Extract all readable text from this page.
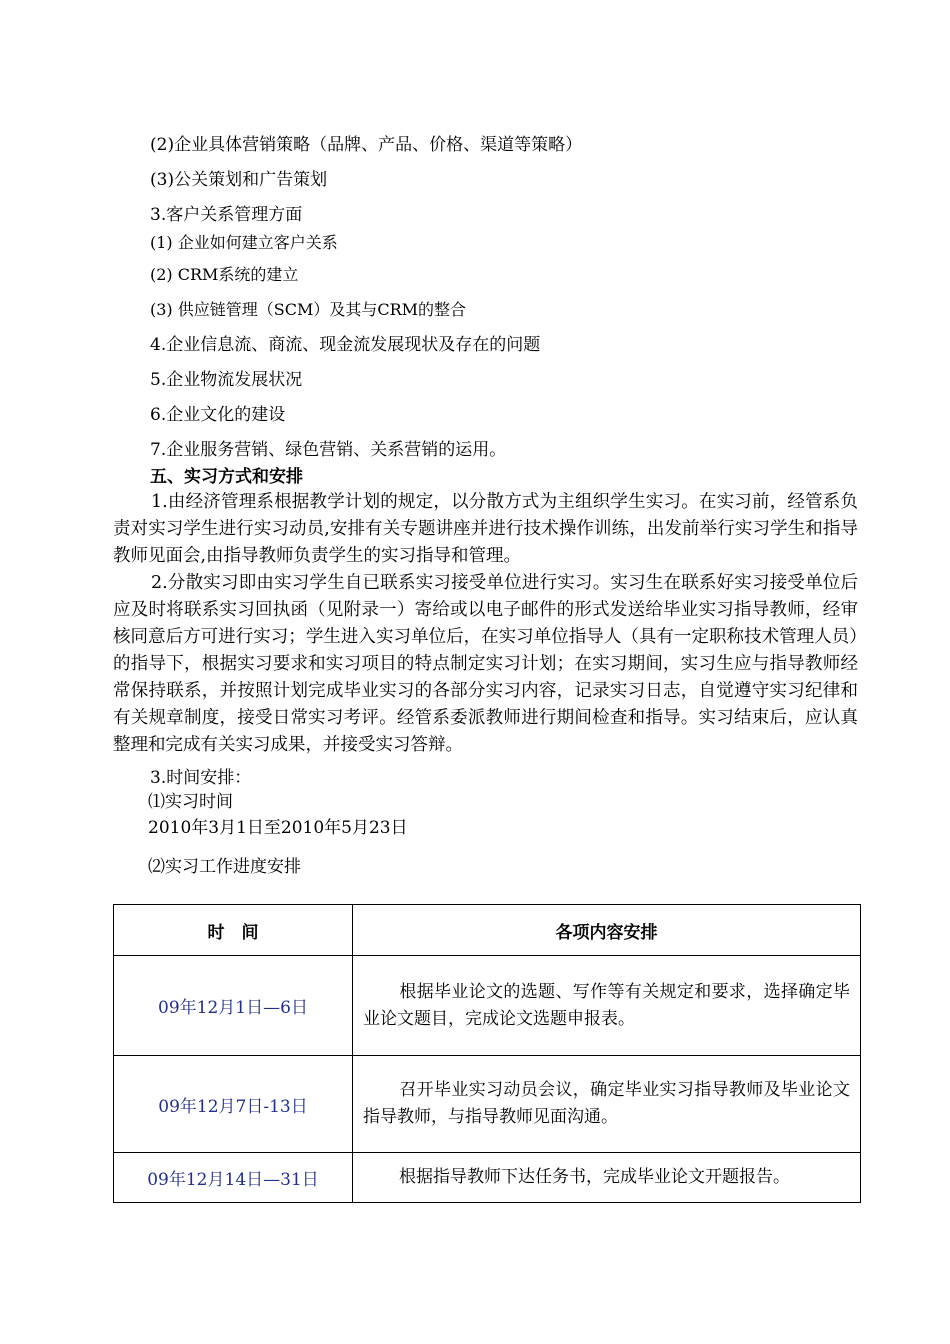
(2)企业具体营销策略（品牌、产品、价格、渠道等策略）
(3)公关策划和广告策划
3.客户关系管理方面
(1) 企业如何建立客户关系
(2) CRM系统的建立
(3) 供应链管理（SCM）及其与CRM的整合
4.企业信息流、商流、现金流发展现状及存在的问题
5.企业物流发展状况
6.企业文化的建设
7.企业服务营销、绿色营销、关系营销的运用。
五、实习方式和安排
1.由经济管理系根据教学计划的规定，以分散方式为主组织学生实习。在实习前，经管系负责对实习学生进行实习动员,安排有关专题讲座并进行技术操作训练，出发前举行实习学生和指导教师见面会,由指导教师负责学生的实习指导和管理。
2.分散实习即由实习学生自已联系实习接受单位进行实习。实习生在联系好实习接受单位后应及时将联系实习回执函（见附录一）寄给或以电子邮件的形式发送给毕业实习指导教师，经审核同意后方可进行实习；学生进入实习单位后，在实习单位指导人（具有一定职称技术管理人员）的指导下，根据实习要求和实习项目的特点制定实习计划；在实习期间，实习生应与指导教师经常保持联系，并按照计划完成毕业实习的各部分实习内容，记录实习日志，自觉遵守实习纪律和有关规章制度，接受日常实习考评。经管系委派教师进行期间检查和指导。实习结束后，应认真整理和完成有关实习成果，并接受实习答辩。
3.时间安排：
⑴实习时间
2010年3月1日至2010年5月23日
⑵实习工作进度安排
时　间	各项内容安排
09年12月1日—6日	根据毕业论文的选题、写作等有关规定和要求，选择确定毕业论文题目，完成论文选题申报表。
09年12月7日-13日	召开毕业实习动员会议，确定毕业实习指导教师及毕业论文指导教师，与指导教师见面沟通。
09年12月14日—31日	根据指导教师下达任务书，完成毕业论文开题报告。
